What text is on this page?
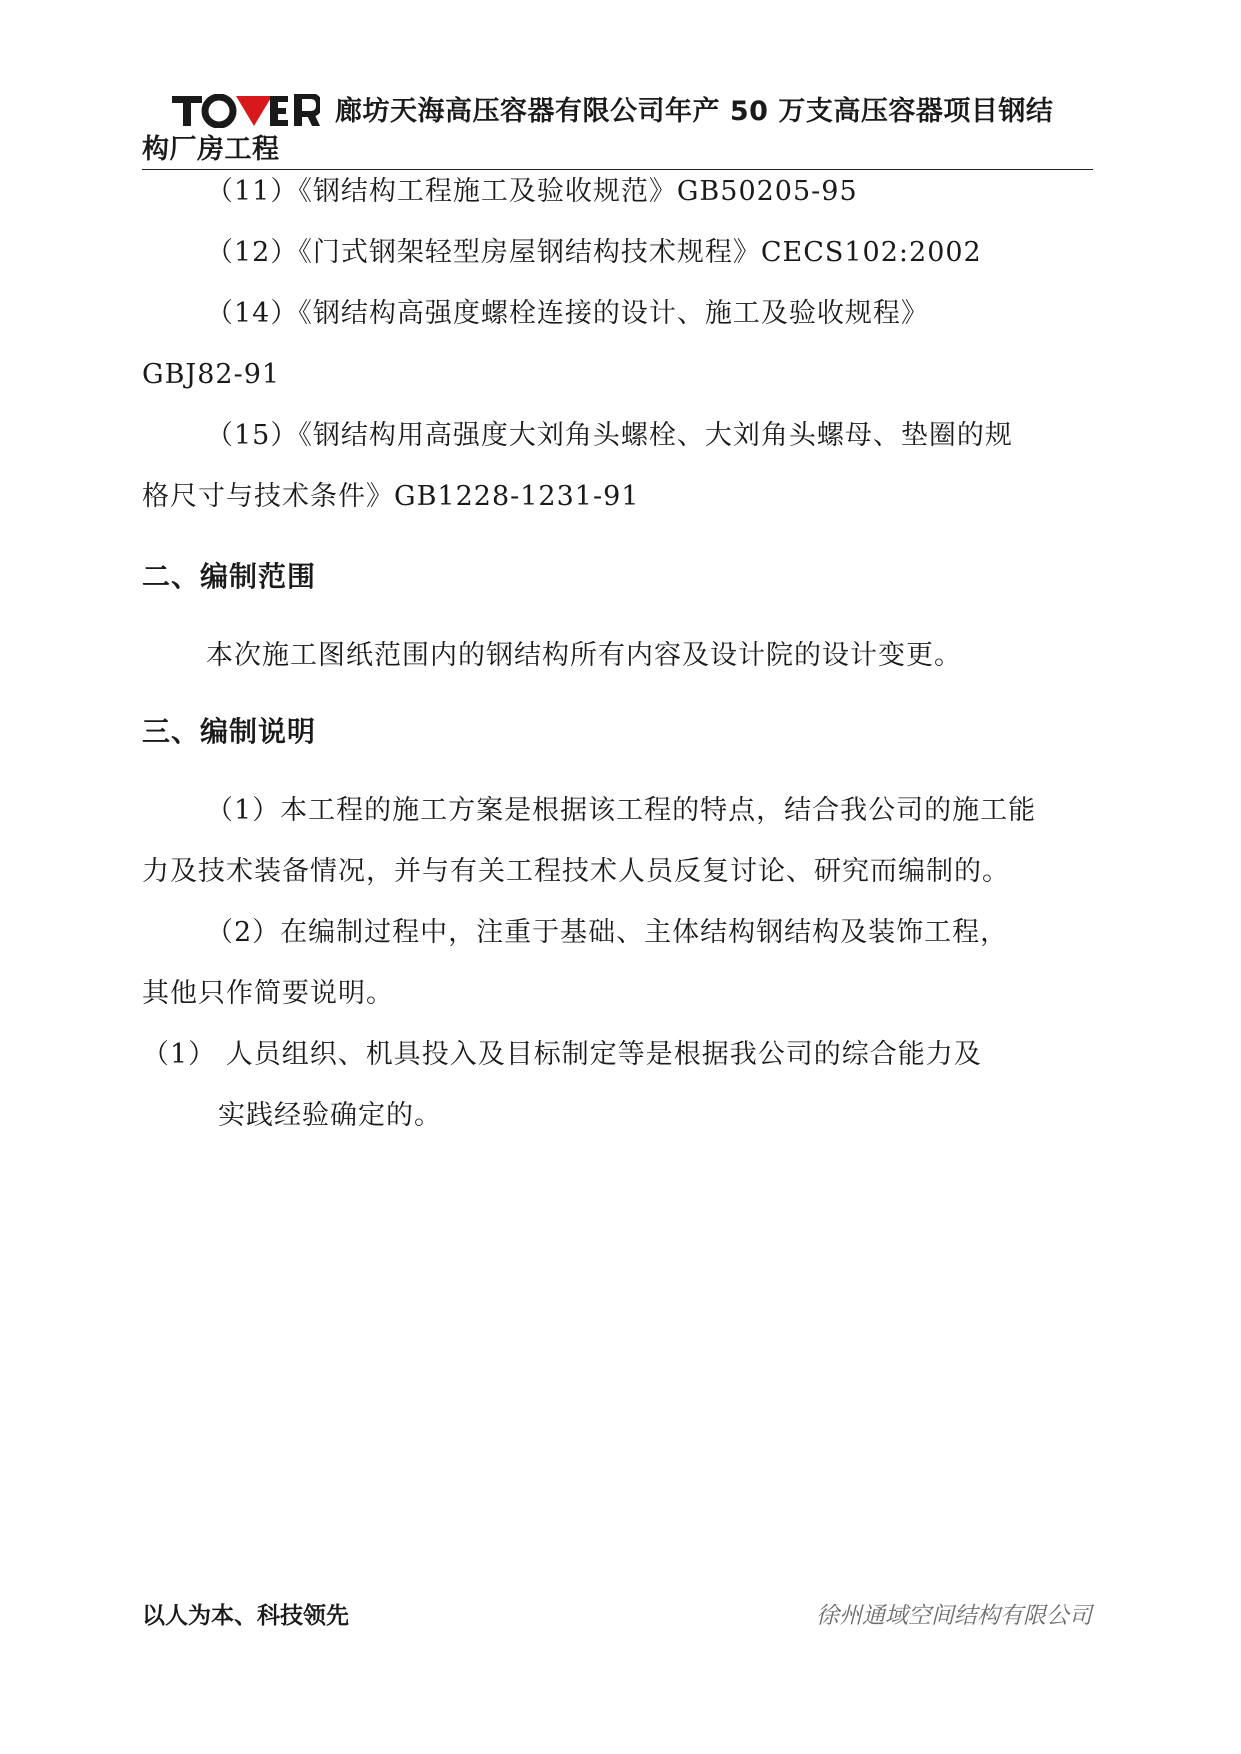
廊坊天海高压容器有限公司年产 50 万支高压容器项目钢结
构厂房工程
（11）《钢结构工程施工及验收规范》GB50205-95
（12）《门式钢架轻型房屋钢结构技术规程》CECS102:2002
（14）《钢结构高强度螺栓连接的设计、施工及验收规程》
GBJ82-91
（15）《钢结构用高强度大刘角头螺栓、大刘角头螺母、垫圈的规
格尺寸与技术条件》GB1228-1231-91
二、编制范围
本次施工图纸范围内的钢结构所有内容及设计院的设计变更。
三、编制说明
（1）本工程的施工方案是根据该工程的特点，结合我公司的施工能
力及技术装备情况，并与有关工程技术人员反复讨论、研究而编制的。
（2）在编制过程中，注重于基础、主体结构钢结构及装饰工程，
其他只作简要说明。
（1） 人员组织、机具投入及目标制定等是根据我公司的综合能力及
实践经验确定的。
以人为本、科技领先	徐州通域空间结构有限公司
